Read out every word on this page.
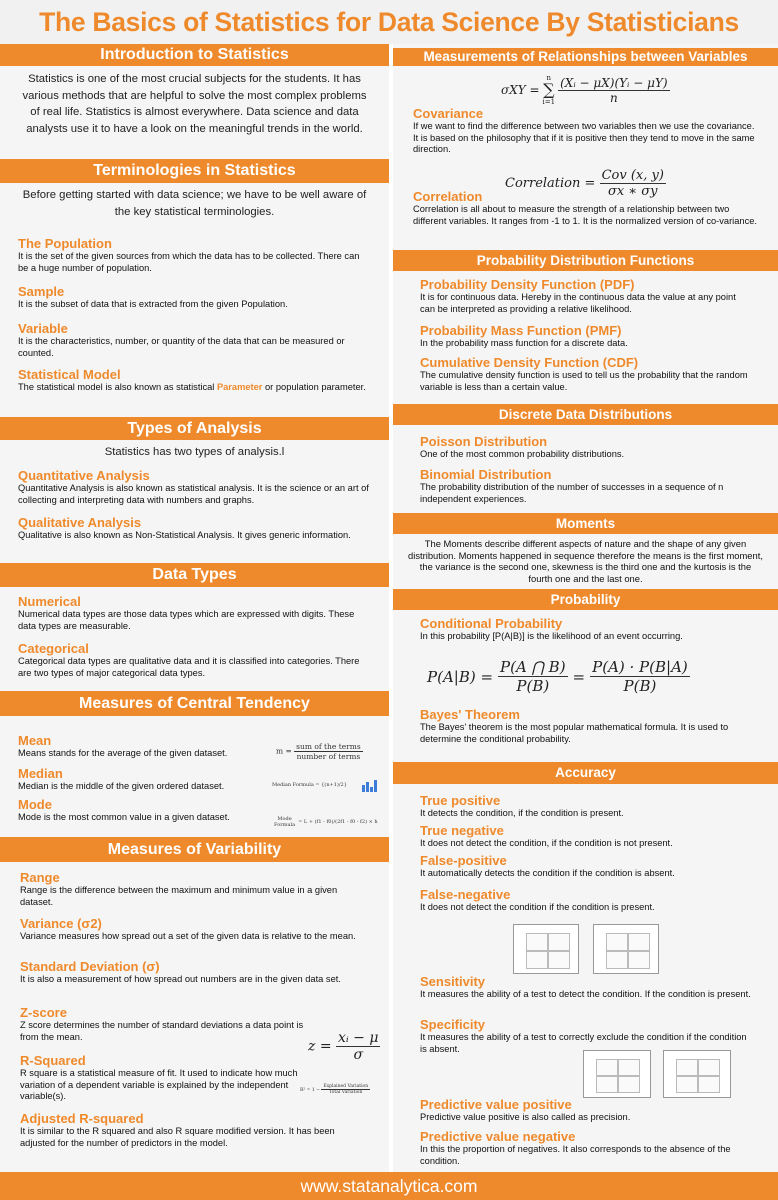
The Basics of Statistics for Data Science By Statisticians
Introduction to Statistics
Statistics is one of the most crucial subjects for the students. It has various methods that are helpful to solve the most complex problems of real life. Statistics is almost everywhere. Data science and data analysts use it to have a look on the meaningful trends in the world.
Terminologies in Statistics
Before getting started with data science; we have to be well aware of the key statistical terminologies.
The Population
It is the set of the given sources from which the data has to be collected. There can be a huge number of population.
Sample
It is the subset of data that is extracted from the given Population.
Variable
It is the characteristics, number, or quantity of the data that can be measured or counted.
Statistical Model
The statistical model is also known as statistical Parameter or population parameter.
Types of Analysis
Statistics has two types of analysis.l
Quantitative Analysis
Quantitative Analysis is also known as statistical analysis. It is the science or an art of collecting and interpreting data with numbers and graphs.
Qualitative Analysis
Qualitative is also known as Non-Statistical Analysis. It gives generic information.
Data Types
Numerical
Numerical data types are those data types which are expressed with digits. These data types are measurable.
Categorical
Categorical data types are qualitative data and it is classified into categories. There are two types of major categorical data types.
Measures of Central Tendency
Mean
Means stands for the average of the given dataset.	$m = \frac{\text{sum of the terms}}{\text{number of terms}}$
Median
Median is the middle of the given ordered dataset.	Median Formula = {(n+1)/2}
Mode
Mode is the most common value in a given dataset.	Mode
Formula = L + (f1 - f0)/(2f1 - f0 - f2) × h
Measures of Variability
Range
Range is the difference between the maximum and minimum value in a given dataset.
Variance (σ2)
Variance measures how spread out a set of the given data is relative to the mean.
Standard Deviation (σ)
It is also a measurement of how spread out numbers are in the given data set.
Z-score
Z score determines the number of standard deviations a data point is from the mean.
$z = \frac{\text{xᵢ − μ}}{\sigma}$
R-Squared
R square is a statistical measure of fit. It used to indicate how much variation of a dependent variable is explained by the independent variable(s).
$R^2 = 1 - \frac{\text{Explained Variation}}{\text{Total Variation}}$
Adjusted R-squared
It is similar to the R squared and also R square modified version. It has been adjusted for the number of predictors in the model.
Measurements of Relationships between Variables
σXY =
n
∑
$i=1 \frac{\text{(Xᵢ − μX)(Yᵢ − μY)}}{n}$
Covariance
If we want to find the difference between two variables then we use the covariance. It is based on the philosophy that if it is positive then they tend to move in the same direction.
Correlation = $\frac{\text{Cov (x, y)}}{\sigma x ∗ \sigma y}$
Correlation
Correlation is all about to measure the strength of a relationship between two different variables. It ranges from -1 to 1. It is the normalized version of co-variance.
Probability Distribution Functions
Probability Density Function (PDF)
It is for continuous data. Hereby in the continuous data the value at any point can be interpreted as providing a relative likelihood.
Probability Mass Function (PMF)
In the probability mass function for a discrete data.
Cumulative Density Function (CDF)
The cumulative density function is used to tell us the probability that the random variable is less than a certain value.
Discrete Data Distributions
Poisson Distribution
One of the most common probability distributions.
Binomial Distribution
The probability distribution of the number of successes in a sequence of n independent experiences.
Moments
The Moments describe different aspects of nature and the shape of any given distribution. Moments happened in sequence therefore the means is the first moment, the variance is the second one, skewness is the third one and the kurtosis is the fourth one and the last one.
Probability
Conditional Probability
In this probability [P(A|B)] is the likelihood of an event occurring.
$P(A|B) = \frac{P(A ⋂ B)}{P(B)} = \frac{P(A) \cdot P(B|A)}{P(B)}$
Bayes' Theorem
The Bayes' theorem is the most popular mathematical formula. It is used to determine the conditional probability.
Accuracy
True positive
It detects the condition, if the condition is present.
True negative
It does not detect the condition, if the condition is not present.
False-positive
It automatically detects the condition if the condition is absent.
False-negative
It does not detect the condition if the condition is present.
Sensitivity
It measures the ability of a test to detect the condition. If the condition is present.
Specificity
It measures the ability of a test to correctly exclude the condition if the condition is absent.
Predictive value positive
Predictive value positive is also called as precision.
Predictive value negative
In this the proportion of negatives. It also corresponds to the absence of the condition.
www.statanalytica.com
